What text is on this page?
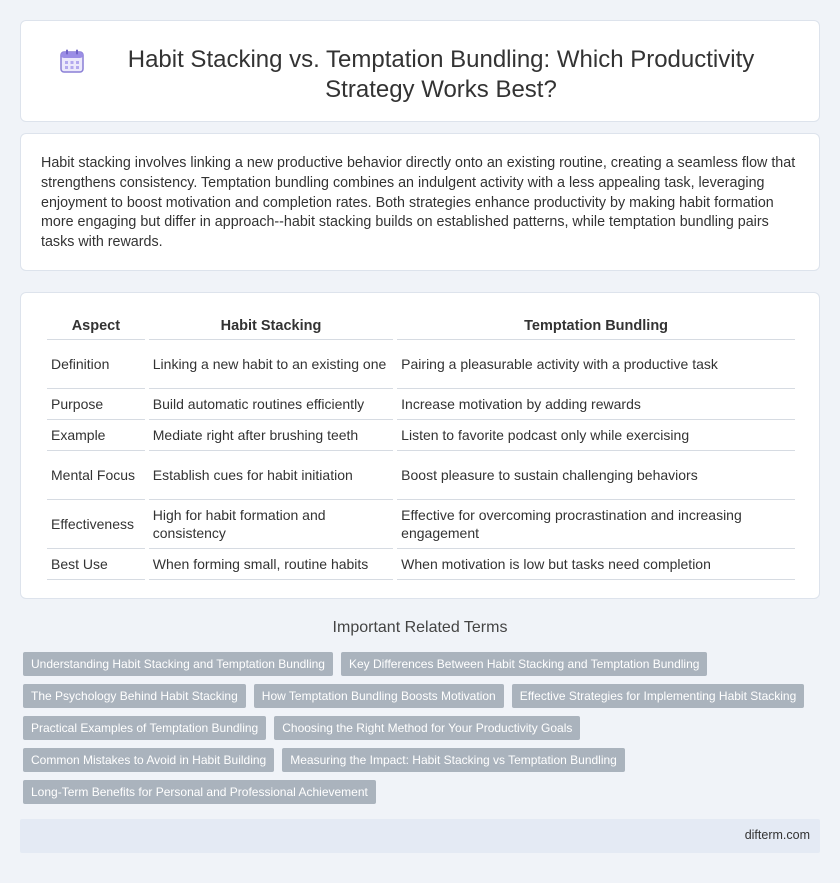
Habit Stacking vs. Temptation Bundling: Which Productivity Strategy Works Best?

Habit stacking involves linking a new productive behavior directly onto an existing routine, creating a seamless flow that strengthens consistency. Temptation bundling combines an indulgent activity with a less appealing task, leveraging enjoyment to boost motivation and completion rates. Both strategies enhance productivity by making habit formation more engaging but differ in approach--habit stacking builds on established patterns, while temptation bundling pairs tasks with rewards.

Aspect	Habit Stacking	Temptation Bundling
Definition	Linking a new habit to an existing one	Pairing a pleasurable activity with a productive task
Purpose	Build automatic routines efficiently	Increase motivation by adding rewards
Example	Mediate right after brushing teeth	Listen to favorite podcast only while exercising
Mental Focus	Establish cues for habit initiation	Boost pleasure to sustain challenging behaviors
Effectiveness	High for habit formation and consistency	Effective for overcoming procrastination and increasing engagement
Best Use	When forming small, routine habits	When motivation is low but tasks need completion
Important Related Terms
Understanding Habit Stacking and Temptation Bundling	Key Differences Between Habit Stacking and Temptation Bundling
The Psychology Behind Habit Stacking	How Temptation Bundling Boosts Motivation	Effective Strategies for Implementing Habit Stacking
Practical Examples of Temptation Bundling	Choosing the Right Method for Your Productivity Goals
Common Mistakes to Avoid in Habit Building	Measuring the Impact: Habit Stacking vs Temptation Bundling
Long-Term Benefits for Personal and Professional Achievement
difterm.com
